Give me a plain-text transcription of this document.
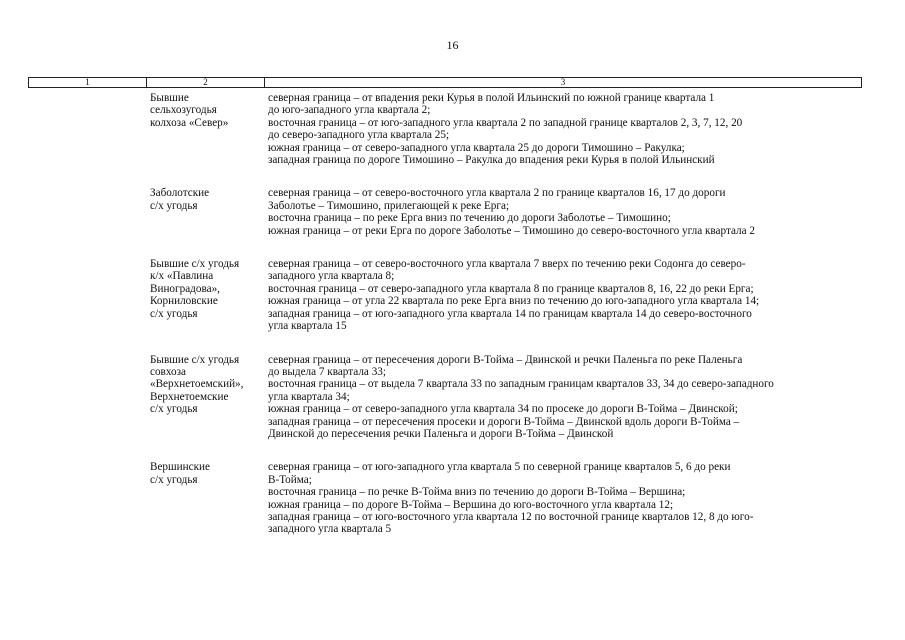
16
1	2	3
Бывшие
сельхозугодья
колхоза «Север»
северная граница – от впадения реки Курья в полой Ильинский по южной границе квартала 1
до юго-западного угла квартала 2;
восточная граница – от юго-западного угла квартала 2 по западной границе кварталов 2, 3, 7, 12, 20
до северо-западного угла квартала 25;
южная граница – от северо-западного угла квартала 25 до дороги Тимошино – Ракулка;
западная граница по дороге Тимошино – Ракулка до впадения реки Курья в полой Ильинский
Заболотские
с/х угодья
северная граница – от северо-восточного угла квартала 2 по границе кварталов 16, 17 до дороги
Заболотье – Тимошино, прилегающей к реке Ерга;
восточна граница – по реке Ерга вниз по течению до дороги Заболотье – Тимошино;
южная граница – от реки Ерга по дороге Заболотье – Тимошино до северо-восточного угла квартала 2
Бывшие с/х угодья
к/х «Павлина
Виноградова»,
Корниловские
с/х угодья
северная граница – от северо-восточного угла квартала 7 вверх по течению реки Содонга до северо-
западного угла квартала 8;
восточная граница – от северо-западного угла квартала 8 по границе кварталов 8, 16, 22 до реки Ерга;
южная граница – от угла 22 квартала по реке Ерга вниз по течению до юго-западного угла квартала 14;
западная граница – от юго-западного угла квартала 14 по границам квартала 14 до северо-восточного
угла квартала 15
Бывшие с/х угодья
совхоза
«Верхнетоемский»,
Верхнетоемские
с/х угодья
северная граница – от пересечения дороги В-Тойма – Двинской и речки Паленьга по реке Паленьга
до выдела 7 квартала 33;
восточная граница – от выдела 7 квартала 33 по западным границам кварталов 33, 34 до северо-западного
угла квартала 34;
южная граница – от северо-западного угла квартала 34 по просеке до дороги В-Тойма – Двинской;
западная граница – от пересечения просеки и дороги В-Тойма – Двинской вдоль дороги В-Тойма –
Двинской до пересечения речки Паленьга и дороги В-Тойма – Двинской
Вершинские
с/х угодья
северная граница – от юго-западного угла квартала 5 по северной границе кварталов 5, 6 до реки
В-Тойма;
восточная граница – по речке В-Тойма вниз по течению до дороги В-Тойма – Вершина;
южная граница – по дороге В-Тойма – Вершина до юго-восточного угла квартала 12;
западная граница – от юго-восточного угла квартала 12 по восточной границе кварталов 12, 8 до юго-
западного угла квартала 5
